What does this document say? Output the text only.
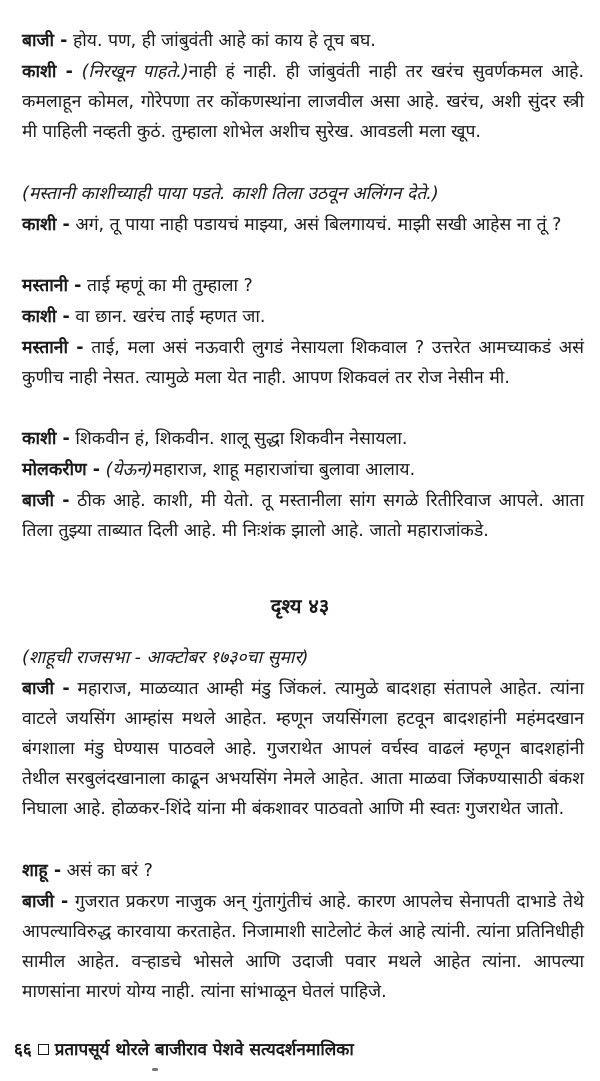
बाजी - होय. पण, ही जांबुवंती आहे कां काय हे तूच बघ.

काशी - (निरखून पाहते.)नाही हं नाही. ही जांबुवंती नाही तर खरंच सुवर्णकमल आहे. कमलाहून कोमल, गोरेपणा तर कोंकणस्थांना लाजवील असा आहे. खरंच, अशी सुंदर स्त्री मी पाहिली नव्हती कुठं. तुम्हाला शोभेल अशीच सुरेख. आवडली मला खूप.

(मस्तानी काशीच्याही पाया पडते. काशी तिला उठवून अलिंगन देते.)

काशी - अगं, तू पाया नाही पडायचं माझ्या, असं बिलगायचं. माझी सखी आहेस ना तूं ?

मस्तानी - ताई म्हणूं का मी तुम्हाला ?

काशी - वा छान. खरंच ताई म्हणत जा.

मस्तानी - ताई, मला असं नऊवारी लुगडं नेसायला शिकवाल ? उत्तरेत आमच्याकडं असं कुणीच नाही नेसत. त्यामुळे मला येत नाही. आपण शिकवलं तर रोज नेसीन मी.

काशी - शिकवीन हं, शिकवीन. शालू सुद्धा शिकवीन नेसायला.

मोलकरीण - (येऊन)महाराज, शाहू महाराजांचा बुलावा आलाय.

बाजी - ठीक आहे. काशी, मी येतो. तू मस्तानीला सांग सगळे रितीरिवाज आपले. आता तिला तुझ्या ताब्यात दिली आहे. मी निःशंक झालो आहे. जातो महाराजांकडे.

दृश्य ४३

(शाहूची राजसभा - आक्टोबर १७३०चा सुमार)

बाजी - महाराज, माळव्यात आम्ही मंडु जिंकलं. त्यामुळे बादशहा संतापले आहेत. त्यांना वाटले जयसिंग आम्हांस मथले आहेत. म्हणून जयसिंगला हटवून बादशहांनी महंमदखान बंगशाला मंडु घेण्यास पाठवले आहे. गुजराथेत आपलं वर्चस्व वाढलं म्हणून बादशहांनी तेथील सरबुलंदखानाला काढून अभयसिंग नेमले आहेत. आता माळवा जिंकण्यासाठी बंकश निघाला आहे. होळकर-शिंदे यांना मी बंकशावर पाठवतो आणि मी स्वतः गुजराथेत जातो.

शाहू - असं का बरं ?

बाजी - गुजरात प्रकरण नाजुक अन् गुंतागुंतीचं आहे. कारण आपलेच सेनापती दाभाडे तेथे आपल्याविरुद्ध कारवाया करताहेत. निजामाशी साटेलोटं केलं आहे त्यांनी. त्यांना प्रतिनिधीही सामील आहेत. वऱ्हाडचे भोसले आणि उदाजी पवार मथले आहेत त्यांना. आपल्या माणसांना मारणं योग्य नाही. त्यांना सांभाळून घेतलं पाहिजे.

६६ प्रतापसूर्य थोरले बाजीराव पेशवे सत्यदर्शनमालिका
